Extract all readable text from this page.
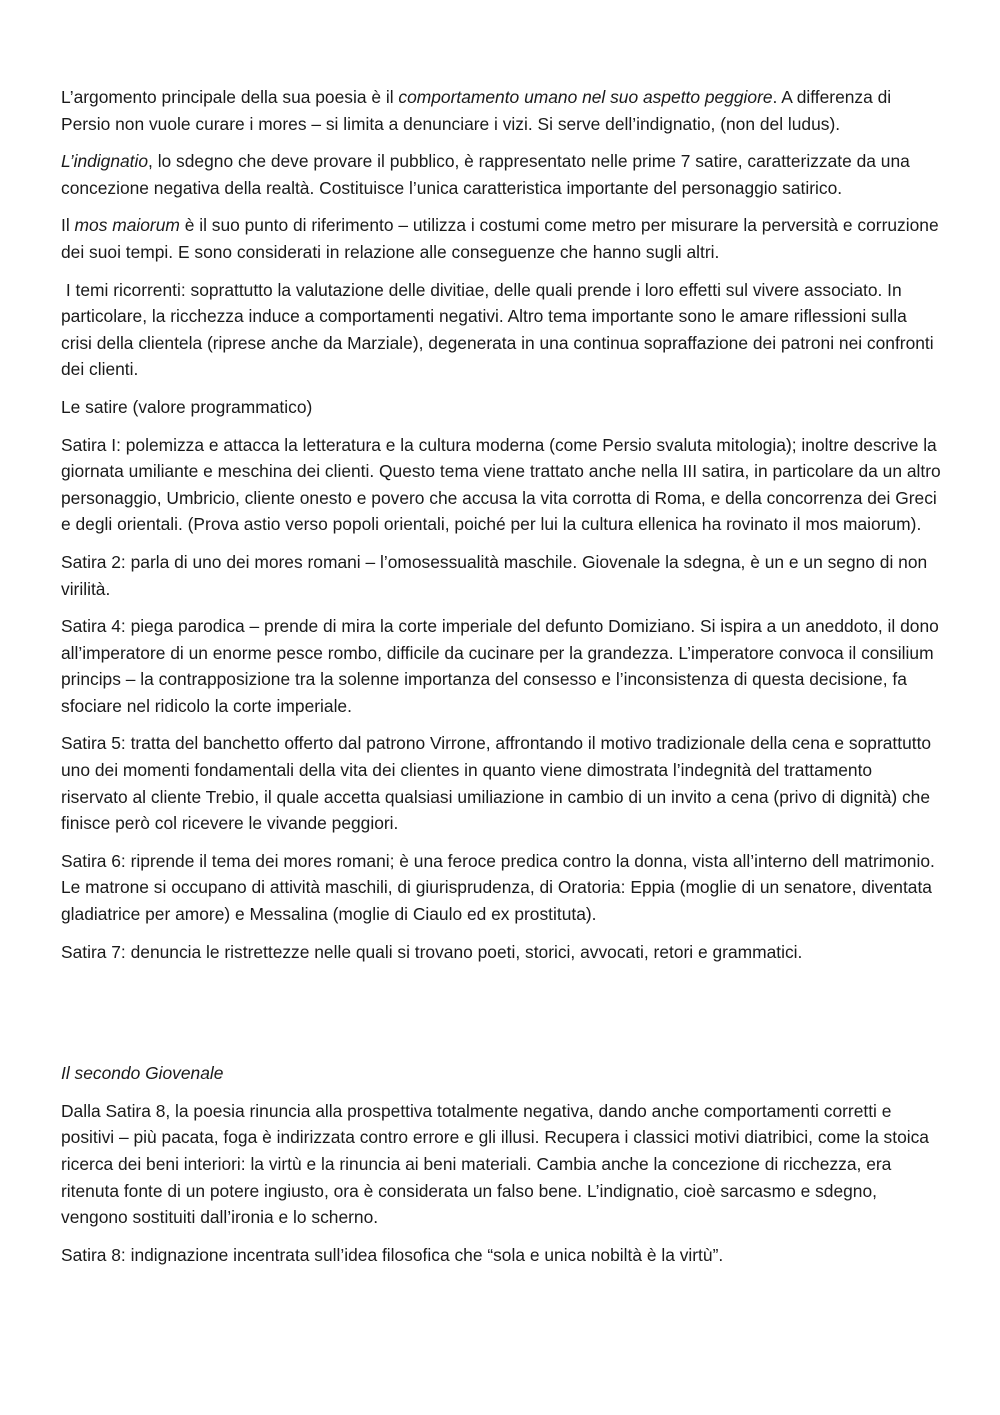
L’argomento principale della sua poesia è il comportamento umano nel suo aspetto peggiore. A differenza di Persio non vuole curare i mores – si limita a denunciare i vizi. Si serve dell’indignatio, (non del ludus).

L’indignatio, lo sdegno che deve provare il pubblico, è rappresentato nelle prime 7 satire, caratterizzate da una concezione negativa della realtà. Costituisce l’unica caratteristica importante del personaggio satirico.

Il mos maiorum è il suo punto di riferimento – utilizza i costumi come metro per misurare la perversità e corruzione dei suoi tempi. E sono considerati in relazione alle conseguenze che hanno sugli altri.

I temi ricorrenti: soprattutto la valutazione delle divitiae, delle quali prende i loro effetti sul vivere associato. In particolare, la ricchezza induce a comportamenti negativi. Altro tema importante sono le amare riflessioni sulla crisi della clientela (riprese anche da Marziale), degenerata in una continua sopraffazione dei patroni nei confronti dei clienti.

Le satire (valore programmatico)

Satira I: polemizza e attacca la letteratura e la cultura moderna (come Persio svaluta mitologia); inoltre descrive la giornata umiliante e meschina dei clienti. Questo tema viene trattato anche nella III satira, in particolare da un altro personaggio, Umbricio, cliente onesto e povero che accusa la vita corrotta di Roma, e della concorrenza dei Greci e degli orientali. (Prova astio verso popoli orientali, poiché per lui la cultura ellenica ha rovinato il mos maiorum).

Satira 2: parla di uno dei mores romani – l’omosessualità maschile. Giovenale la sdegna, è un e un segno di non virilità.

Satira 4: piega parodica – prende di mira la corte imperiale del defunto Domiziano. Si ispira a un aneddoto, il dono all’imperatore di un enorme pesce rombo, difficile da cucinare per la grandezza. L’imperatore convoca il consilium princips – la contrapposizione tra la solenne importanza del consesso e l’inconsistenza di questa decisione, fa sfociare nel ridicolo la corte imperiale.

Satira 5: tratta del banchetto offerto dal patrono Virrone, affrontando il motivo tradizionale della cena e soprattutto uno dei momenti fondamentali della vita dei clientes in quanto viene dimostrata l’indegnità del trattamento riservato al cliente Trebio, il quale accetta qualsiasi umiliazione in cambio di un invito a cena (privo di dignità) che finisce però col ricevere le vivande peggiori.

Satira 6: riprende il tema dei mores romani; è una feroce predica contro la donna, vista all’interno dell matrimonio. Le matrone si occupano di attività maschili, di giurisprudenza, di Oratoria: Eppia (moglie di un senatore, diventata gladiatrice per amore) e Messalina (moglie di Ciaulo ed ex prostituta).

Satira 7: denuncia le ristrettezze nelle quali si trovano poeti, storici, avvocati, retori e grammatici.

Il secondo Giovenale

Dalla Satira 8, la poesia rinuncia alla prospettiva totalmente negativa, dando anche comportamenti corretti e positivi – più pacata, foga è indirizzata contro errore e gli illusi. Recupera i classici motivi diatribici, come la stoica ricerca dei beni interiori: la virtù e la rinuncia ai beni materiali. Cambia anche la concezione di ricchezza, era ritenuta fonte di un potere ingiusto, ora è considerata un falso bene. L’indignatio, cioè sarcasmo e sdegno, vengono sostituiti dall’ironia e lo scherno.

Satira 8: indignazione incentrata sull’idea filosofica che “sola e unica nobiltà è la virtù”.
